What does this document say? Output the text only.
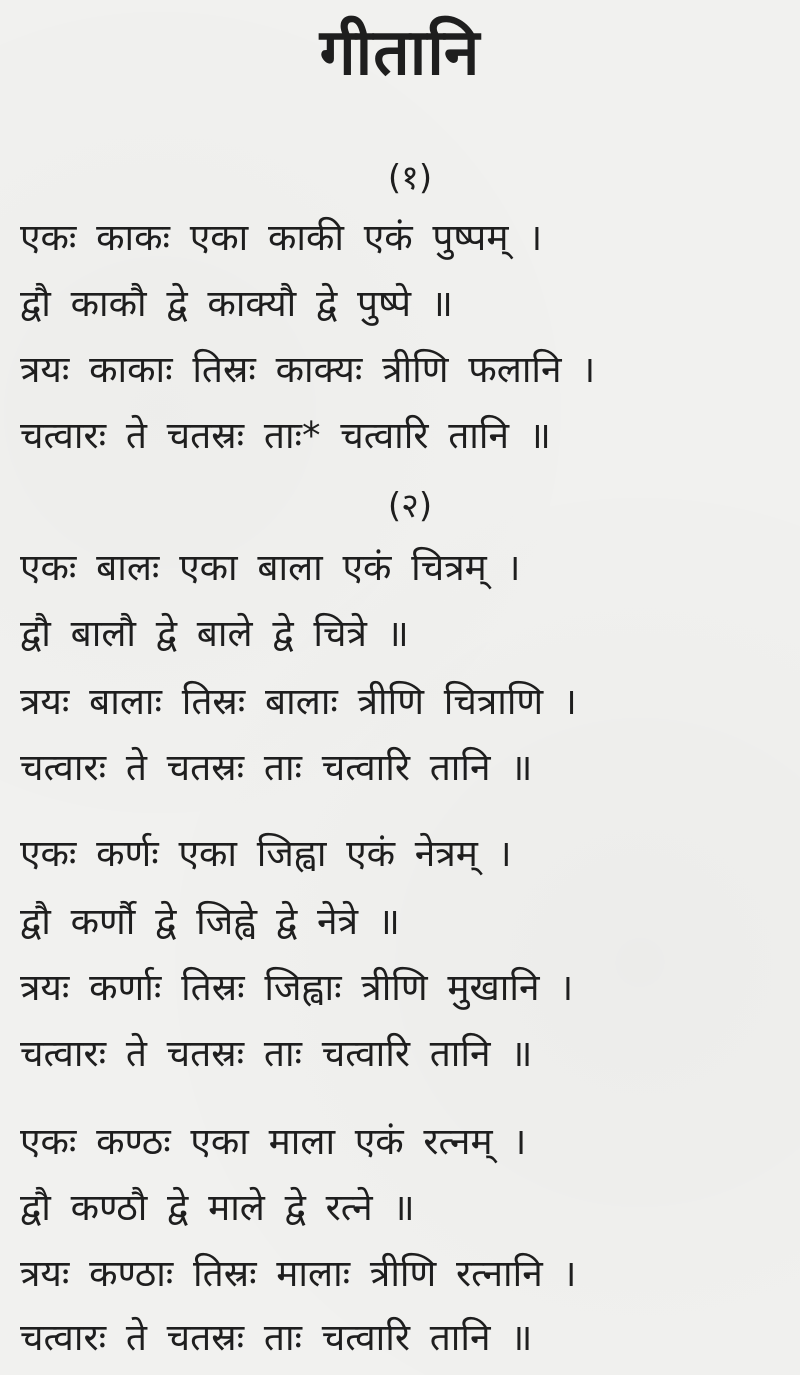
गीतानि
(१)
एकः काकः एका काकी एकं पुष्पम् ।
द्वौ काकौ द्वे काक्यौ द्वे पुष्पे ॥
त्रयः काकाः तिस्रः काक्यः त्रीणि फलानि ।
चत्वारः ते चतस्रः ताः* चत्वारि तानि ॥
(२)
एकः बालः एका बाला एकं चित्रम् ।
द्वौ बालौ द्वे बाले द्वे चित्रे ॥
त्रयः बालाः तिस्रः बालाः त्रीणि चित्राणि ।
चत्वारः ते चतस्रः ताः चत्वारि तानि ॥
एकः कर्णः एका जिह्वा एकं नेत्रम् ।
द्वौ कर्णौ द्वे जिह्वे द्वे नेत्रे ॥
त्रयः कर्णाः तिस्रः जिह्वाः त्रीणि मुखानि ।
चत्वारः ते चतस्रः ताः चत्वारि तानि ॥
एकः कण्ठः एका माला एकं रत्नम् ।
द्वौ कण्ठौ द्वे माले द्वे रत्ने ॥
त्रयः कण्ठाः तिस्रः मालाः त्रीणि रत्नानि ।
चत्वारः ते चतस्रः ताः चत्वारि तानि ॥
